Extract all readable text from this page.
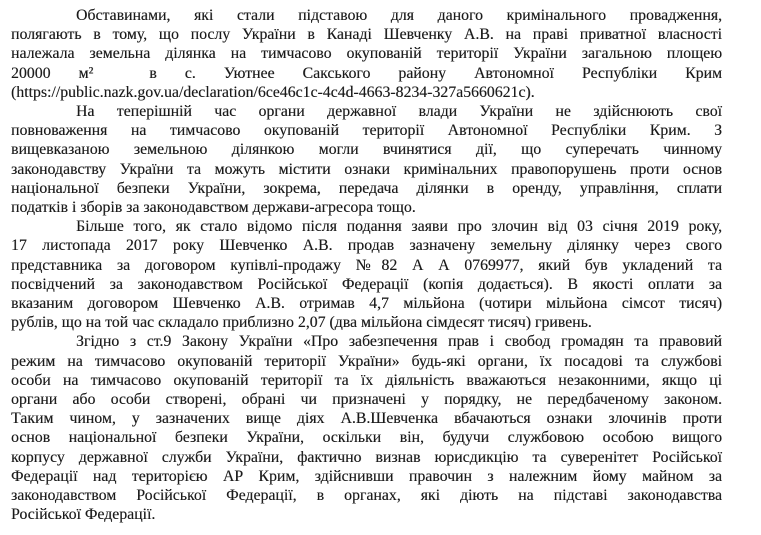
Обставинами, які стали підставою для даного кримінального провадження,
полягають в тому, що послу України в Канаді Шевченку А.В. на праві приватної власності
належала земельна ділянка на тимчасово окупованій території України загальною площею
20000 м²  в с. Уютнее Сакського району Автономної Республіки Крим
(https://public.nazk.gov.ua/declaration/6ce46c1c-4c4d-4663-8234-327a5660621c).
На теперішній час органи державної влади України не здійснюють свої
повноваження на тимчасово окупованій території Автономної Республіки Крим. З
вищевказаною земельною ділянкою могли вчинятися дії, що суперечать чинному
законодавству України та можуть містити ознаки кримінальних правопорушень проти основ
національної безпеки України, зокрема, передача ділянки в оренду, управління, сплати
податків і зборів за законодавством держави-агресора тощо.
Більше того, як стало відомо після подання заяви про злочин від 03 січня 2019 року,
17 листопада 2017 року Шевченко А.В. продав зазначену земельну ділянку через свого
представника за договором купівлі-продажу №82 А А 0769977, який був укладений та
посвідчений за законодавством Російської Федерації (копія додається). В якості оплати за
вказаним договором Шевченко А.В. отримав 4,7 мільйона (чотири мільйона сімсот тисяч)
рублів, що на той час складало приблизно 2,07 (два мільйона сімдесят тисяч) гривень.
Згідно з ст.9 Закону України «Про забезпечення прав і свобод громадян та правовий
режим на тимчасово окупованій території України» будь-які органи, їх посадові та службові
особи на тимчасово окупованій території та їх діяльність вважаються незаконними, якщо ці
органи або особи створені, обрані чи призначені у порядку, не передбаченому законом.
Таким чином, у зазначених вище діях А.В.Шевченка вбачаються ознаки злочинів проти
основ національної безпеки України, оскільки він, будучи службовою особою вищого
корпусу державної служби України, фактично визнав юрисдикцію та суверенітет Російської
Федерації над територією АР Крим, здійснивши правочин з належним йому майном за
законодавством Російської Федерації, в органах, які діють на підставі законодавства
Російської Федерації.
